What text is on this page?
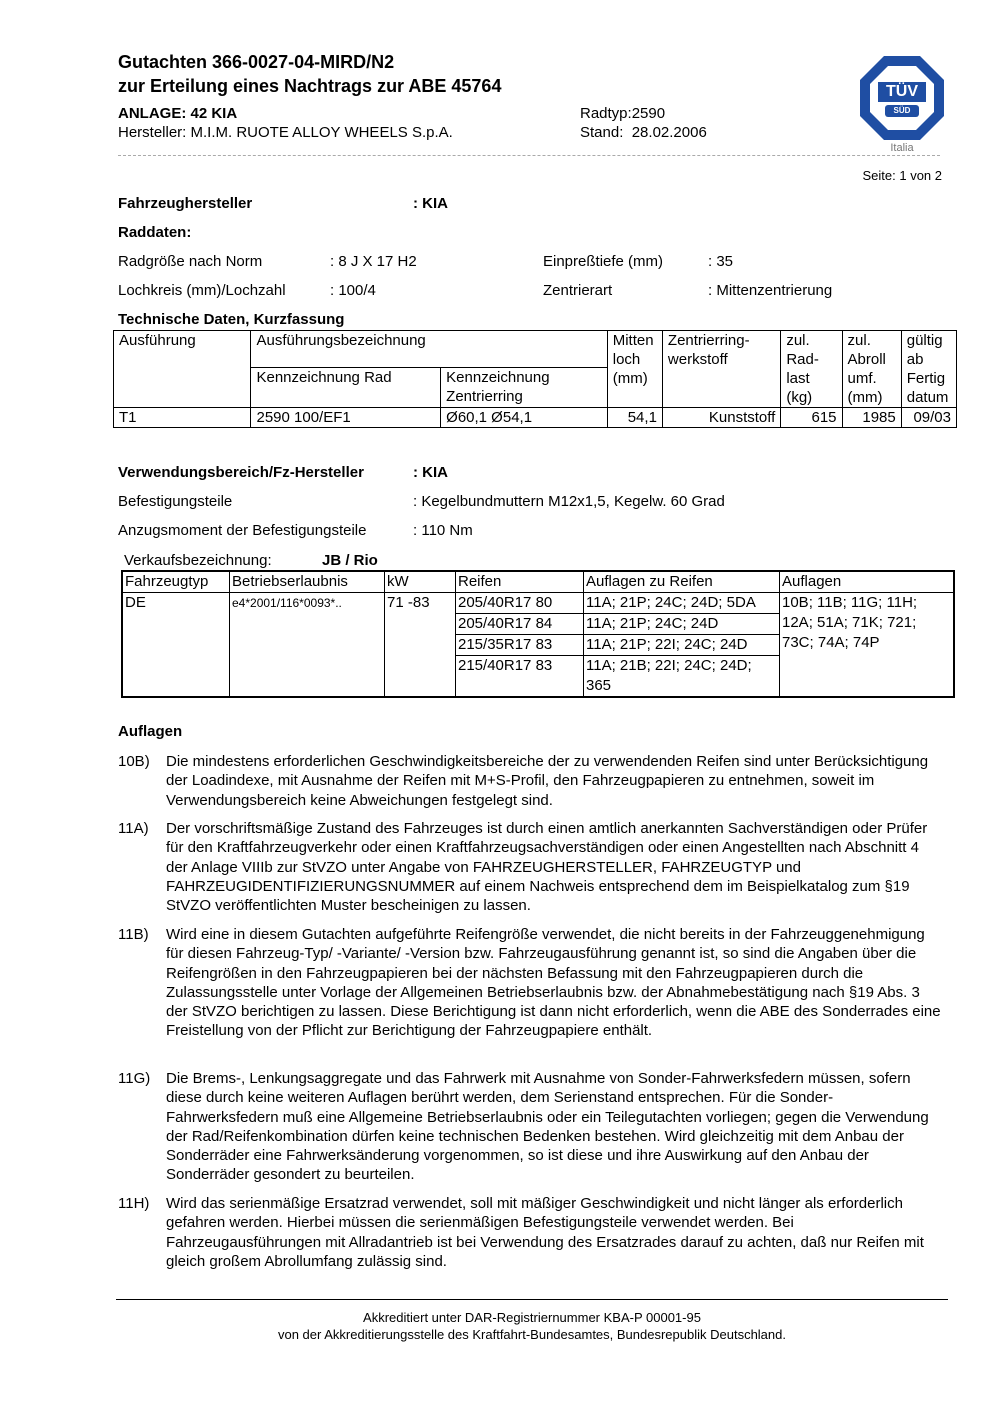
Gutachten 366-0027-04-MIRD/N2
zur Erteilung eines Nachtrags zur ABE 45764
ANLAGE: 42 KIA
Hersteller: M.I.M. RUOTE ALLOY WHEELS S.p.A.
Radtyp:2590
Stand: 28.02.2006
TÜV
SÜD
Italia
Seite: 1 von 2
Fahrzeughersteller	: KIA
Raddaten:
Radgröße nach Norm	: 8 J X 17 H2	Einpreßtiefe (mm)	: 35
Lochkreis (mm)/Lochzahl	: 100/4	Zentrierart	: Mittenzentrierung
Technische Daten, Kurzfassung
Ausführung	Ausführungsbezeichnung		Mitten loch (mm)	Zentrierring- werkstoff	zul. Rad- last (kg)	zul. Abroll umf. (mm)	gültig ab Fertig datum
	Kennzeichnung Rad	Kennzeichnung Zentrierring					
T1	2590 100/EF1	Ø60,1 Ø54,1	54,1	Kunststoff	615	1985	09/03
Verwendungsbereich/Fz-Hersteller	: KIA
Befestigungsteile	: Kegelbundmuttern M12x1,5, Kegelw. 60 Grad
Anzugsmoment der Befestigungsteile	: 110 Nm
Verkaufsbezeichnung:	JB / Rio
Fahrzeugtyp	Betriebserlaubnis	kW	Reifen	Auflagen zu Reifen	Auflagen
DE	e4*2001/116*0093*..	71 -83	205/40R17 80	11A; 21P; 24C; 24D; 5DA	10B; 11B; 11G; 11H; 12A; 51A; 71K; 721; 73C; 74A; 74P
			205/40R17 84	11A; 21P; 24C; 24D	
			215/35R17 83	11A; 21P; 22I; 24C; 24D	
			215/40R17 83	11A; 21B; 22I; 24C; 24D; 365	
Auflagen
10B) Die mindestens erforderlichen Geschwindigkeitsbereiche der zu verwendenden Reifen sind unter Berücksichtigung der Loadindexe, mit Ausnahme der Reifen mit M+S-Profil, den Fahrzeugpapieren zu entnehmen, soweit im Verwendungsbereich keine Abweichungen festgelegt sind.
11A) Der vorschriftsmäßige Zustand des Fahrzeuges ist durch einen amtlich anerkannten Sachverständigen oder Prüfer für den Kraftfahrzeugverkehr oder einen Kraftfahrzeugsachverständigen oder einen Angestellten nach Abschnitt 4 der Anlage VIIIb zur StVZO unter Angabe von FAHRZEUGHERSTELLER, FAHRZEUGTYP und FAHRZEUGIDENTIFIZIERUNGSNUMMER auf einem Nachweis entsprechend dem im Beispielkatalog zum §19 StVZO veröffentlichten Muster bescheinigen zu lassen.
11B) Wird eine in diesem Gutachten aufgeführte Reifengröße verwendet, die nicht bereits in der Fahrzeuggenehmigung für diesen Fahrzeug-Typ/ -Variante/ -Version bzw. Fahrzeugausführung genannt ist, so sind die Angaben über die Reifengrößen in den Fahrzeugpapieren bei der nächsten Befassung mit den Fahrzeugpapieren durch die Zulassungsstelle unter Vorlage der Allgemeinen Betriebserlaubnis bzw. der Abnahmebestätigung nach §19 Abs. 3 der StVZO berichtigen zu lassen. Diese Berichtigung ist dann nicht erforderlich, wenn die ABE des Sonderrades eine Freistellung von der Pflicht zur Berichtigung der Fahrzeugpapiere enthält.
11G) Die Brems-, Lenkungsaggregate und das Fahrwerk mit Ausnahme von Sonder-Fahrwerksfedern müssen, sofern diese durch keine weiteren Auflagen berührt werden, dem Serienstand entsprechen. Für die Sonder-Fahrwerksfedern muß eine Allgemeine Betriebserlaubnis oder ein Teilegutachten vorliegen; gegen die Verwendung der Rad/Reifenkombination dürfen keine technischen Bedenken bestehen. Wird gleichzeitig mit dem Anbau der Sonderräder eine Fahrwerksänderung vorgenommen, so ist diese und ihre Auswirkung auf den Anbau der Sonderräder gesondert zu beurteilen.
11H) Wird das serienmäßige Ersatzrad verwendet, soll mit mäßiger Geschwindigkeit und nicht länger als erforderlich gefahren werden. Hierbei müssen die serienmäßigen Befestigungsteile verwendet werden. Bei Fahrzeugausführungen mit Allradantrieb ist bei Verwendung des Ersatzrades darauf zu achten, daß nur Reifen mit gleich großem Abrollumfang zulässig sind.
Akkreditiert unter DAR-Registriernummer KBA-P 00001-95
von der Akkreditierungsstelle des Kraftfahrt-Bundesamtes, Bundesrepublik Deutschland.
